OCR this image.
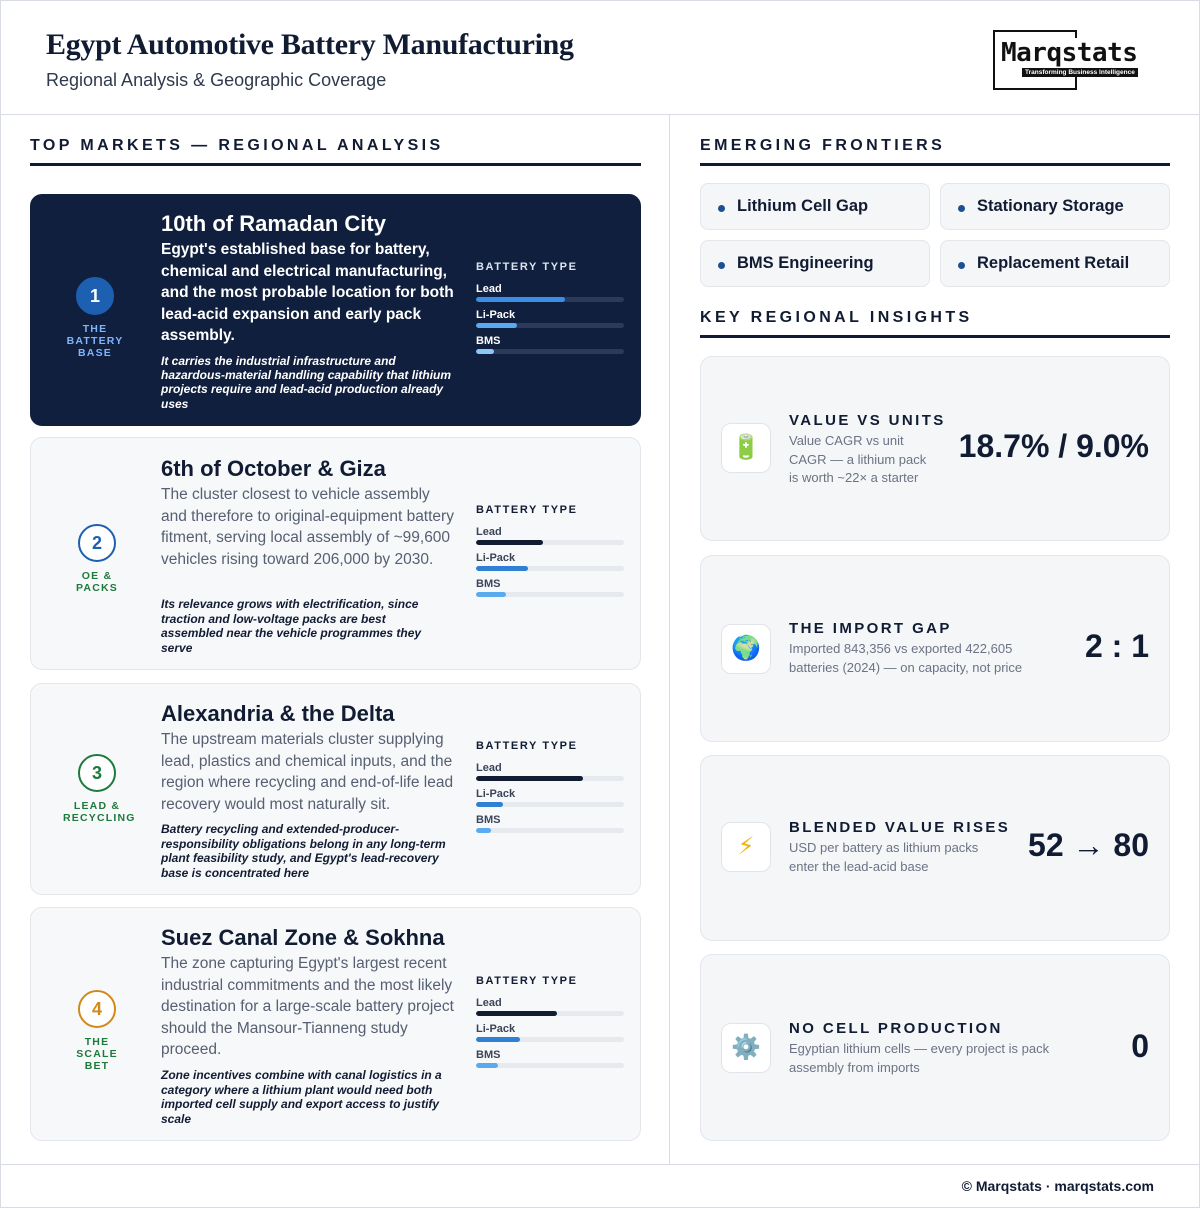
Egypt Automotive Battery Manufacturing
Regional Analysis & Geographic Coverage
Marqstats
Transforming Business Intelligence
TOP MARKETS — REGIONAL ANALYSIS
1
THE BATTERY BASE
10th of Ramadan City
Egypt's established base for battery, chemical and electrical manufacturing, and the most probable location for both lead-acid expansion and early pack assembly.
It carries the industrial infrastructure and hazardous-material handling capability that lithium projects require and lead-acid production already uses
BATTERY TYPE
Lead
Li-Pack
BMS
2
OE & PACKS
6th of October & Giza
The cluster closest to vehicle assembly and therefore to original-equipment battery fitment, serving local assembly of ~99,600 vehicles rising toward 206,000 by 2030.
Its relevance grows with electrification, since traction and low-voltage packs are best assembled near the vehicle programmes they serve
BATTERY TYPE
Lead
Li-Pack
BMS
3
LEAD & RECYCLING
Alexandria & the Delta
The upstream materials cluster supplying lead, plastics and chemical inputs, and the region where recycling and end-of-life lead recovery would most naturally sit.
Battery recycling and extended-producer-responsibility obligations belong in any long-term plant feasibility study, and Egypt's lead-recovery base is concentrated here
BATTERY TYPE
Lead
Li-Pack
BMS
4
THE SCALE BET
Suez Canal Zone & Sokhna
The zone capturing Egypt's largest recent industrial commitments and the most likely destination for a large-scale battery project should the Mansour-Tianneng study proceed.
Zone incentives combine with canal logistics in a category where a lithium plant would need both imported cell supply and export access to justify scale
BATTERY TYPE
Lead
Li-Pack
BMS
EMERGING FRONTIERS
Lithium Cell Gap	Stationary Storage
BMS Engineering	Replacement Retail
KEY REGIONAL INSIGHTS
🔋
VALUE VS UNITS
Value CAGR vs unit CAGR — a lithium pack is worth ~22× a starter
18.7% / 9.0%
🌍
THE IMPORT GAP
Imported 843,356 vs exported 422,605 batteries (2024) — on capacity, not price
2 : 1
⚡
BLENDED VALUE RISES
USD per battery as lithium packs enter the lead-acid base
52 → 80
⚙️
NO CELL PRODUCTION
Egyptian lithium cells — every project is pack assembly from imports
0
© Marqstats · marqstats.com
